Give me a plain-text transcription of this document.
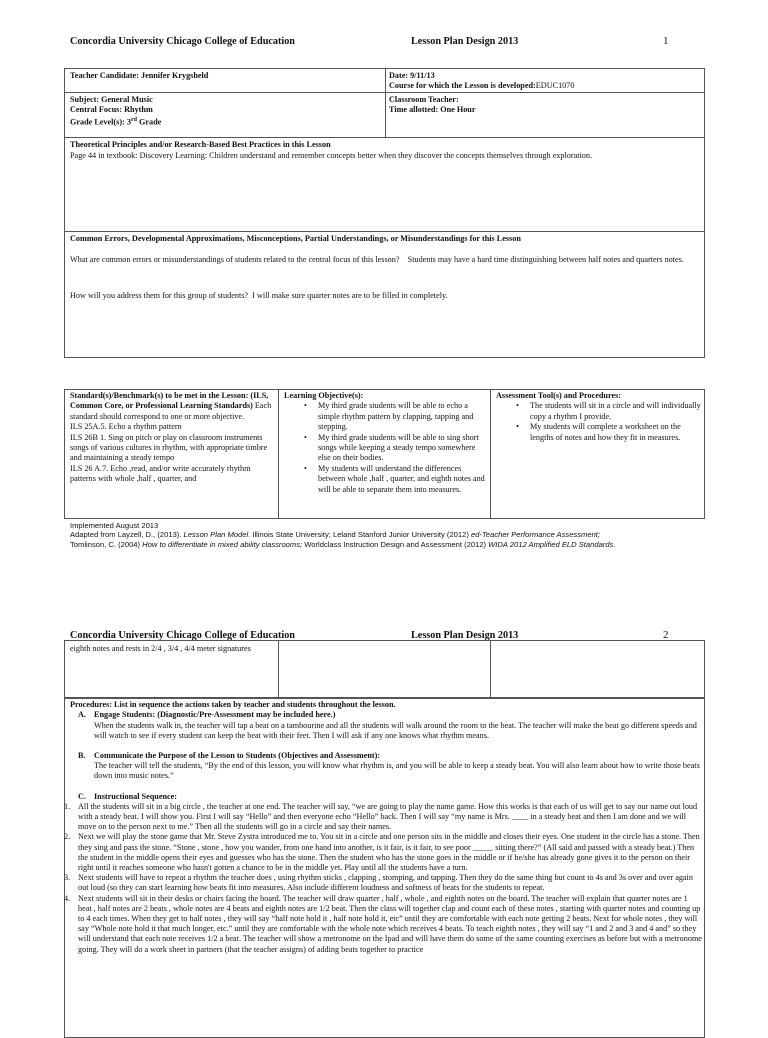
Concordia University Chicago College of Education	Lesson Plan Design 2013	1
Teacher Candidate: Jennifer Krygsheld	Date: 9/11/13
Course for which the Lesson is developed:EDUC1070
Subject: General Music
Central Focus: Rhythm
Grade Level(s): 3rd Grade
Classroom Teacher:
Time allotted: One Hour
Theoretical Principles and/or Research-Based Best Practices in this Lesson
Page 44 in textbook: Discovery Learning: Children understand and remember concepts better when they discover the concepts themselves through exploration.
Common Errors, Developmental Approximations, Misconceptions, Partial Understandings, or Misunderstandings for this Lesson
What are common errors or misunderstandings of students related to the central focus of this lesson? Students may have a hard time distinguishing between half notes and quarters notes.
How will you address them for this group of students? I will make sure quarter notes are to be filled in completely.
Standard(s)/Benchmark(s) to be met in the Lesson: (ILS, Common Core, or Professional Learning Standards) Each standard should correspond to one or more objective.
ILS 25A.5. Echo a rhythm pattern
ILS 26B 1. Sing on pitch or play on classroom instruments songs of various cultures in rhythm, with appropriate timbre and maintaining a steady tempo
ILS 26 A.7. Echo ,read, and/or write accurately rhythm patterns with whole ,half , quarter, and
Learning Objective(s):
• My third grade students will be able to echo a simple rhythm pattern by clapping, tapping and stepping.
• My third grade students will be able to sing short songs while keeping a steady tempo somewhere else on their bodies.
• My students will understand the differences between whole ,half , quarter, and eighth notes and will be able to separate them into measures.
Assessment Tool(s) and Procedures:
• The students will sit in a circle and will individually copy a rhythm I provide.
• My students will complete a worksheet on the lengths of notes and how they fit in measures.
Implemented August 2013
Adapted from Layzell, D., (2013). Lesson Plan Model. Illinois State University; Leland Stanford Junior University (2012) ed-Teacher Performance Assessment;
Tomlinson, C. (2004) How to differentiate in mixed ability classrooms; Worldclass Instruction Design and Assessment (2012) WIDA 2012 Amplified ELD Standards.
Concordia University Chicago College of Education	Lesson Plan Design 2013	2
eighth notes and rests in 2/4 , 3/4 , 4/4 meter signatures
Procedures: List in sequence the actions taken by teacher and students throughout the lesson.
A. Engage Students: (Diagnostic/Pre-Assessment may be included here.)
When the students walk in, the teacher will tap a beat on a tambourine and all the students will walk around the room to the beat. The teacher will make the beat go different speeds and will watch to see if every student can keep the beat with their feet. Then I will ask if any one knows what rhythm means.
B. Communicate the Purpose of the Lesson to Students (Objectives and Assessment):
The teacher will tell the students, “By the end of this lesson, you will know what rhythm is, and you will be able to keep a steady beat. You will also learn about how to write those beats down into music notes.”
C. Instructional Sequence:
1. All the students will sit in a big circle , the teacher at one end. The teacher will say, “we are going to play the name game. How this works is that each of us will get to say our name out loud with a steady beat. I will show you. First I will say “Hello” and then everyone echo “Hello” back. Then I will say “my name is Mrs. ____ in a steady beat and then I am done and we will move on to the person next to me.” Then all the students will go in a circle and say their names.
2. Next we will play the stone game that Mr. Steve Zystra introduced me to. You sit in a circle and one person sits in the middle and closes their eyes. One student in the circle has a stone. Then they sing and pass the stone. “Stone , stone , how you wander, from one hand into another, is it fair, is it fair, to see poor _____ sitting there?” (All said and passed with a steady beat.) Then the student in the middle opens their eyes and guesses who has the stone. Then the student who has the stone goes in the middle or if he/she has already gone gives it to the person on their right until it reaches someone who hasn't gotten a chance to be in the middle yet. Play until all the students have a turn.
3. Next students will have to repeat a rhythm the teacher does , using rhythm sticks , clapping , stomping, and tapping. Then they do the same thing but count to 4s and 3s over and over again out loud (so they can start learning how beats fit into measures. Also include different loudness and softness of beats for the students to repeat.
4. Next students will sit in their desks or chairs facing the board. The teacher will draw quarter , half , whole , and eighth notes on the board. The teacher will explain that quarter notes are 1 beat , half notes are 2 beats , whole notes are 4 beats and eighth notes are 1/2 beat. Then the class will together clap and count each of these notes , starting with quarter notes and counting up to 4 each times. When they get to half notes , they will say “half note hold it , half note hold it, etc” until they are comfortable with each note getting 2 beats. Next for whole notes , they will say “Whole note hold it that much longer, etc.” until they are comfortable with the whole note which receives 4 beats. To teach eighth notes , they will say “1 and 2 and 3 and 4 and” so they will understand that each note receives 1/2 a beat. The teacher will show a metronome on the Ipad and will have them do some of the same counting exercises as before but with a metronome going. They will do a work sheet in partners (that the teacher assigns) of adding beats together to practice
